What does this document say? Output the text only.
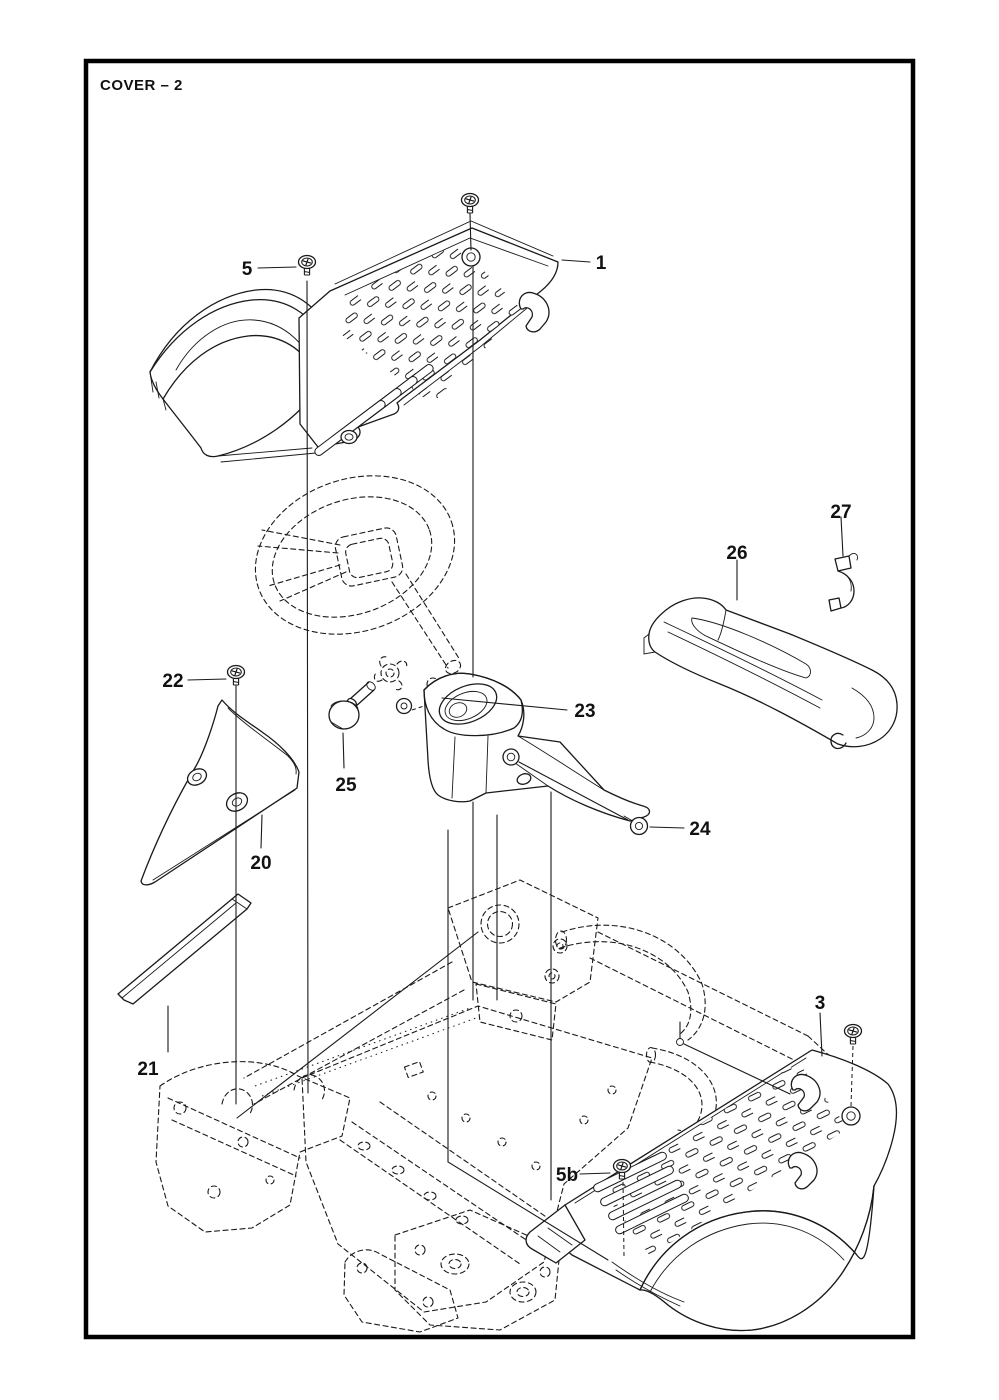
5	1
27
26
22
23
25
24
20
21
3
5b
COVER – 2
